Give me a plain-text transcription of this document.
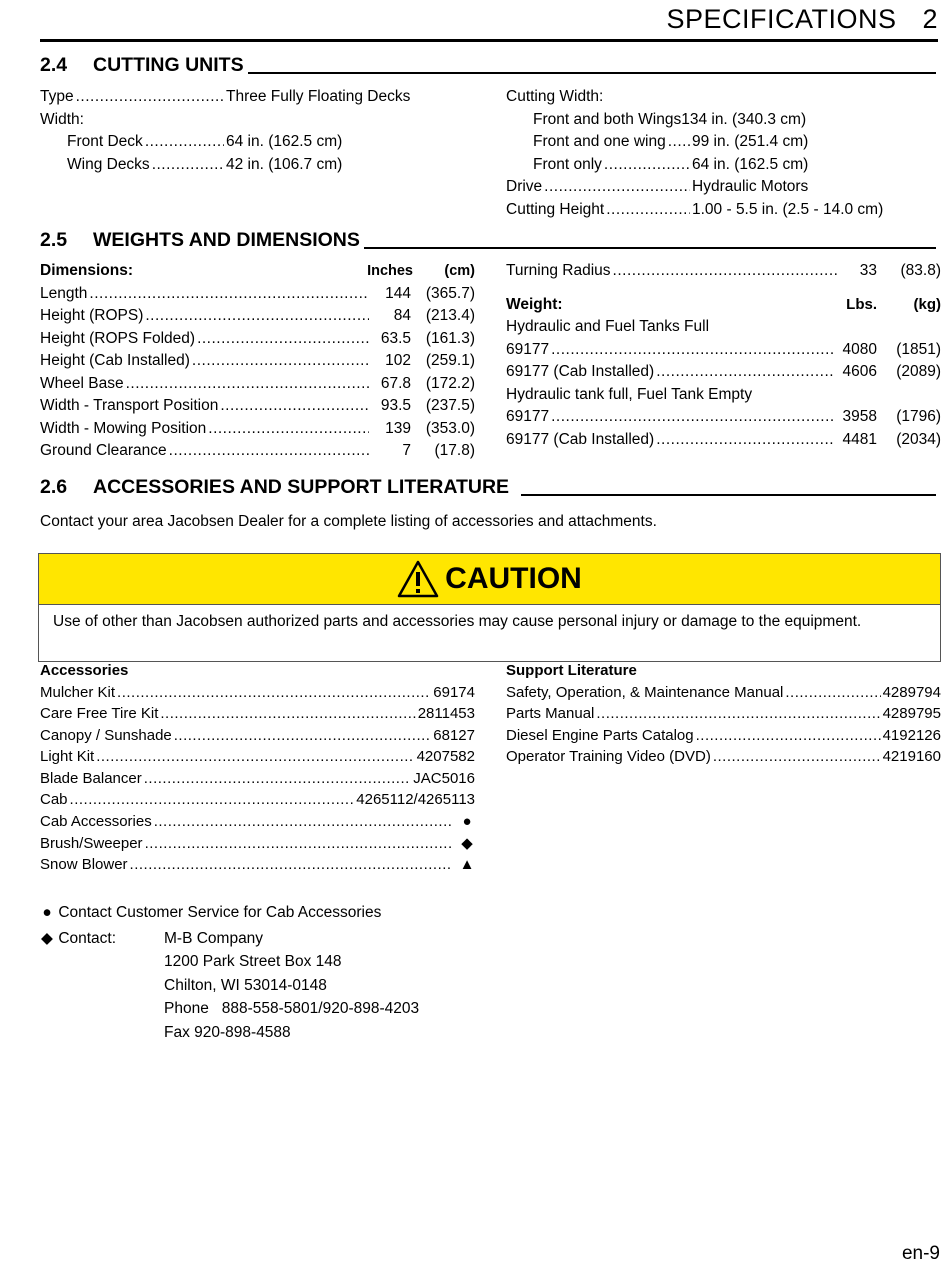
SPECIFICATIONS 2
2.4	CUTTING UNITS
Type .....	Three Fully Floating Decks
Width:
Front Deck .....	64 in. (162.5 cm)
Wing Decks .....	42 in. (106.7 cm)
Cutting Width:
Front and both Wings 134 in. (340.3 cm)
Front and one wing ..... 99 in. (251.4 cm)
Front only .....	64 in. (162.5 cm)
Drive .....	Hydraulic Motors
Cutting Height .....	1.00 - 5.5 in. (2.5 - 14.0 cm)
2.5	WEIGHTS AND DIMENSIONS
Dimensions:	Inches	(cm)
Length .....	144 (365.7)
Height (ROPS) .....	84 (213.4)
Height (ROPS Folded) .....	63.5 (161.3)
Height (Cab Installed) .....	102 (259.1)
Wheel Base .....	67.8 (172.2)
Width - Transport Position .....	93.5 (237.5)
Width - Mowing Position .....	139 (353.0)
Ground Clearance .....	7	(17.8)
Turning Radius .....	33	(83.8)
Weight:	Lbs.	(kg)
Hydraulic and Fuel Tanks Full
69177 .....	4080	(1851)
69177 (Cab Installed) .....	4606	(2089)
Hydraulic tank full, Fuel Tank Empty
69177 .....	3958	(1796)
69177 (Cab Installed) .....	4481	(2034)
2.6	ACCESSORIES AND SUPPORT LITERATURE
Contact your area Jacobsen Dealer for a complete listing of accessories and attachments.
CAUTION
Use of other than Jacobsen authorized parts and accessories may cause personal injury or damage to the equipment.
Accessories
Mulcher Kit .....	69174
Care Free Tire Kit .....	2811453
Canopy / Sunshade .....	68127
Light Kit .....	4207582
Blade Balancer .....	JAC5016
Cab .....	4265112/4265113
Cab Accessories .....	●
Brush/Sweeper .....	◆
Snow Blower .....	▲
Support Literature
Safety, Operation, & Maintenance Manual .....	4289794
Parts Manual .....	4289795
Diesel Engine Parts Catalog .....	4192126
Operator Training Video (DVD) .....	4219160
● Contact Customer Service for Cab Accessories
◆ Contact:	M-B Company
1200 Park Street Box 148
Chilton, WI 53014-0148
Phone 888-558-5801/920-898-4203
Fax 920-898-4588
en-9
